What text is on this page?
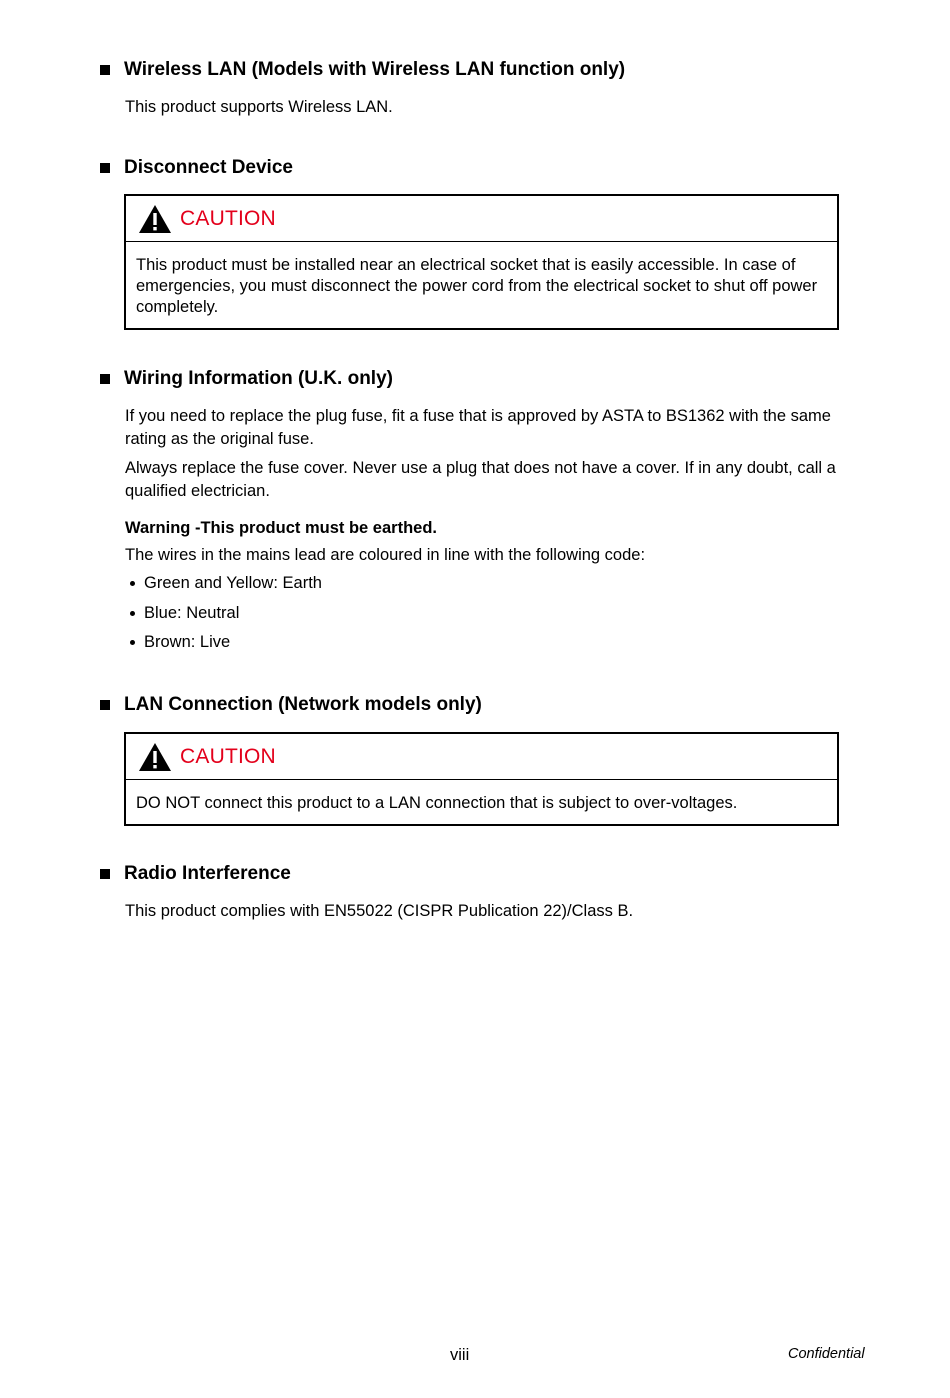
Wireless LAN (Models with Wireless LAN function only)
This product supports Wireless LAN.
Disconnect Device
CAUTION
This product must be installed near an electrical socket that is easily accessible. In case of emergencies, you must disconnect the power cord from the electrical socket to shut off power completely.
Wiring Information (U.K. only)
If you need to replace the plug fuse, fit a fuse that is approved by ASTA to BS1362 with the same rating as the original fuse.
Always replace the fuse cover. Never use a plug that does not have a cover. If in any doubt, call a qualified electrician.
Warning -This product must be earthed.
The wires in the mains lead are coloured in line with the following code:
Green and Yellow: Earth
Blue: Neutral
Brown: Live
LAN Connection (Network models only)
CAUTION
DO NOT connect this product to a LAN connection that is subject to over-voltages.
Radio Interference
This product complies with EN55022 (CISPR Publication 22)/Class B.
viii	Confidential
